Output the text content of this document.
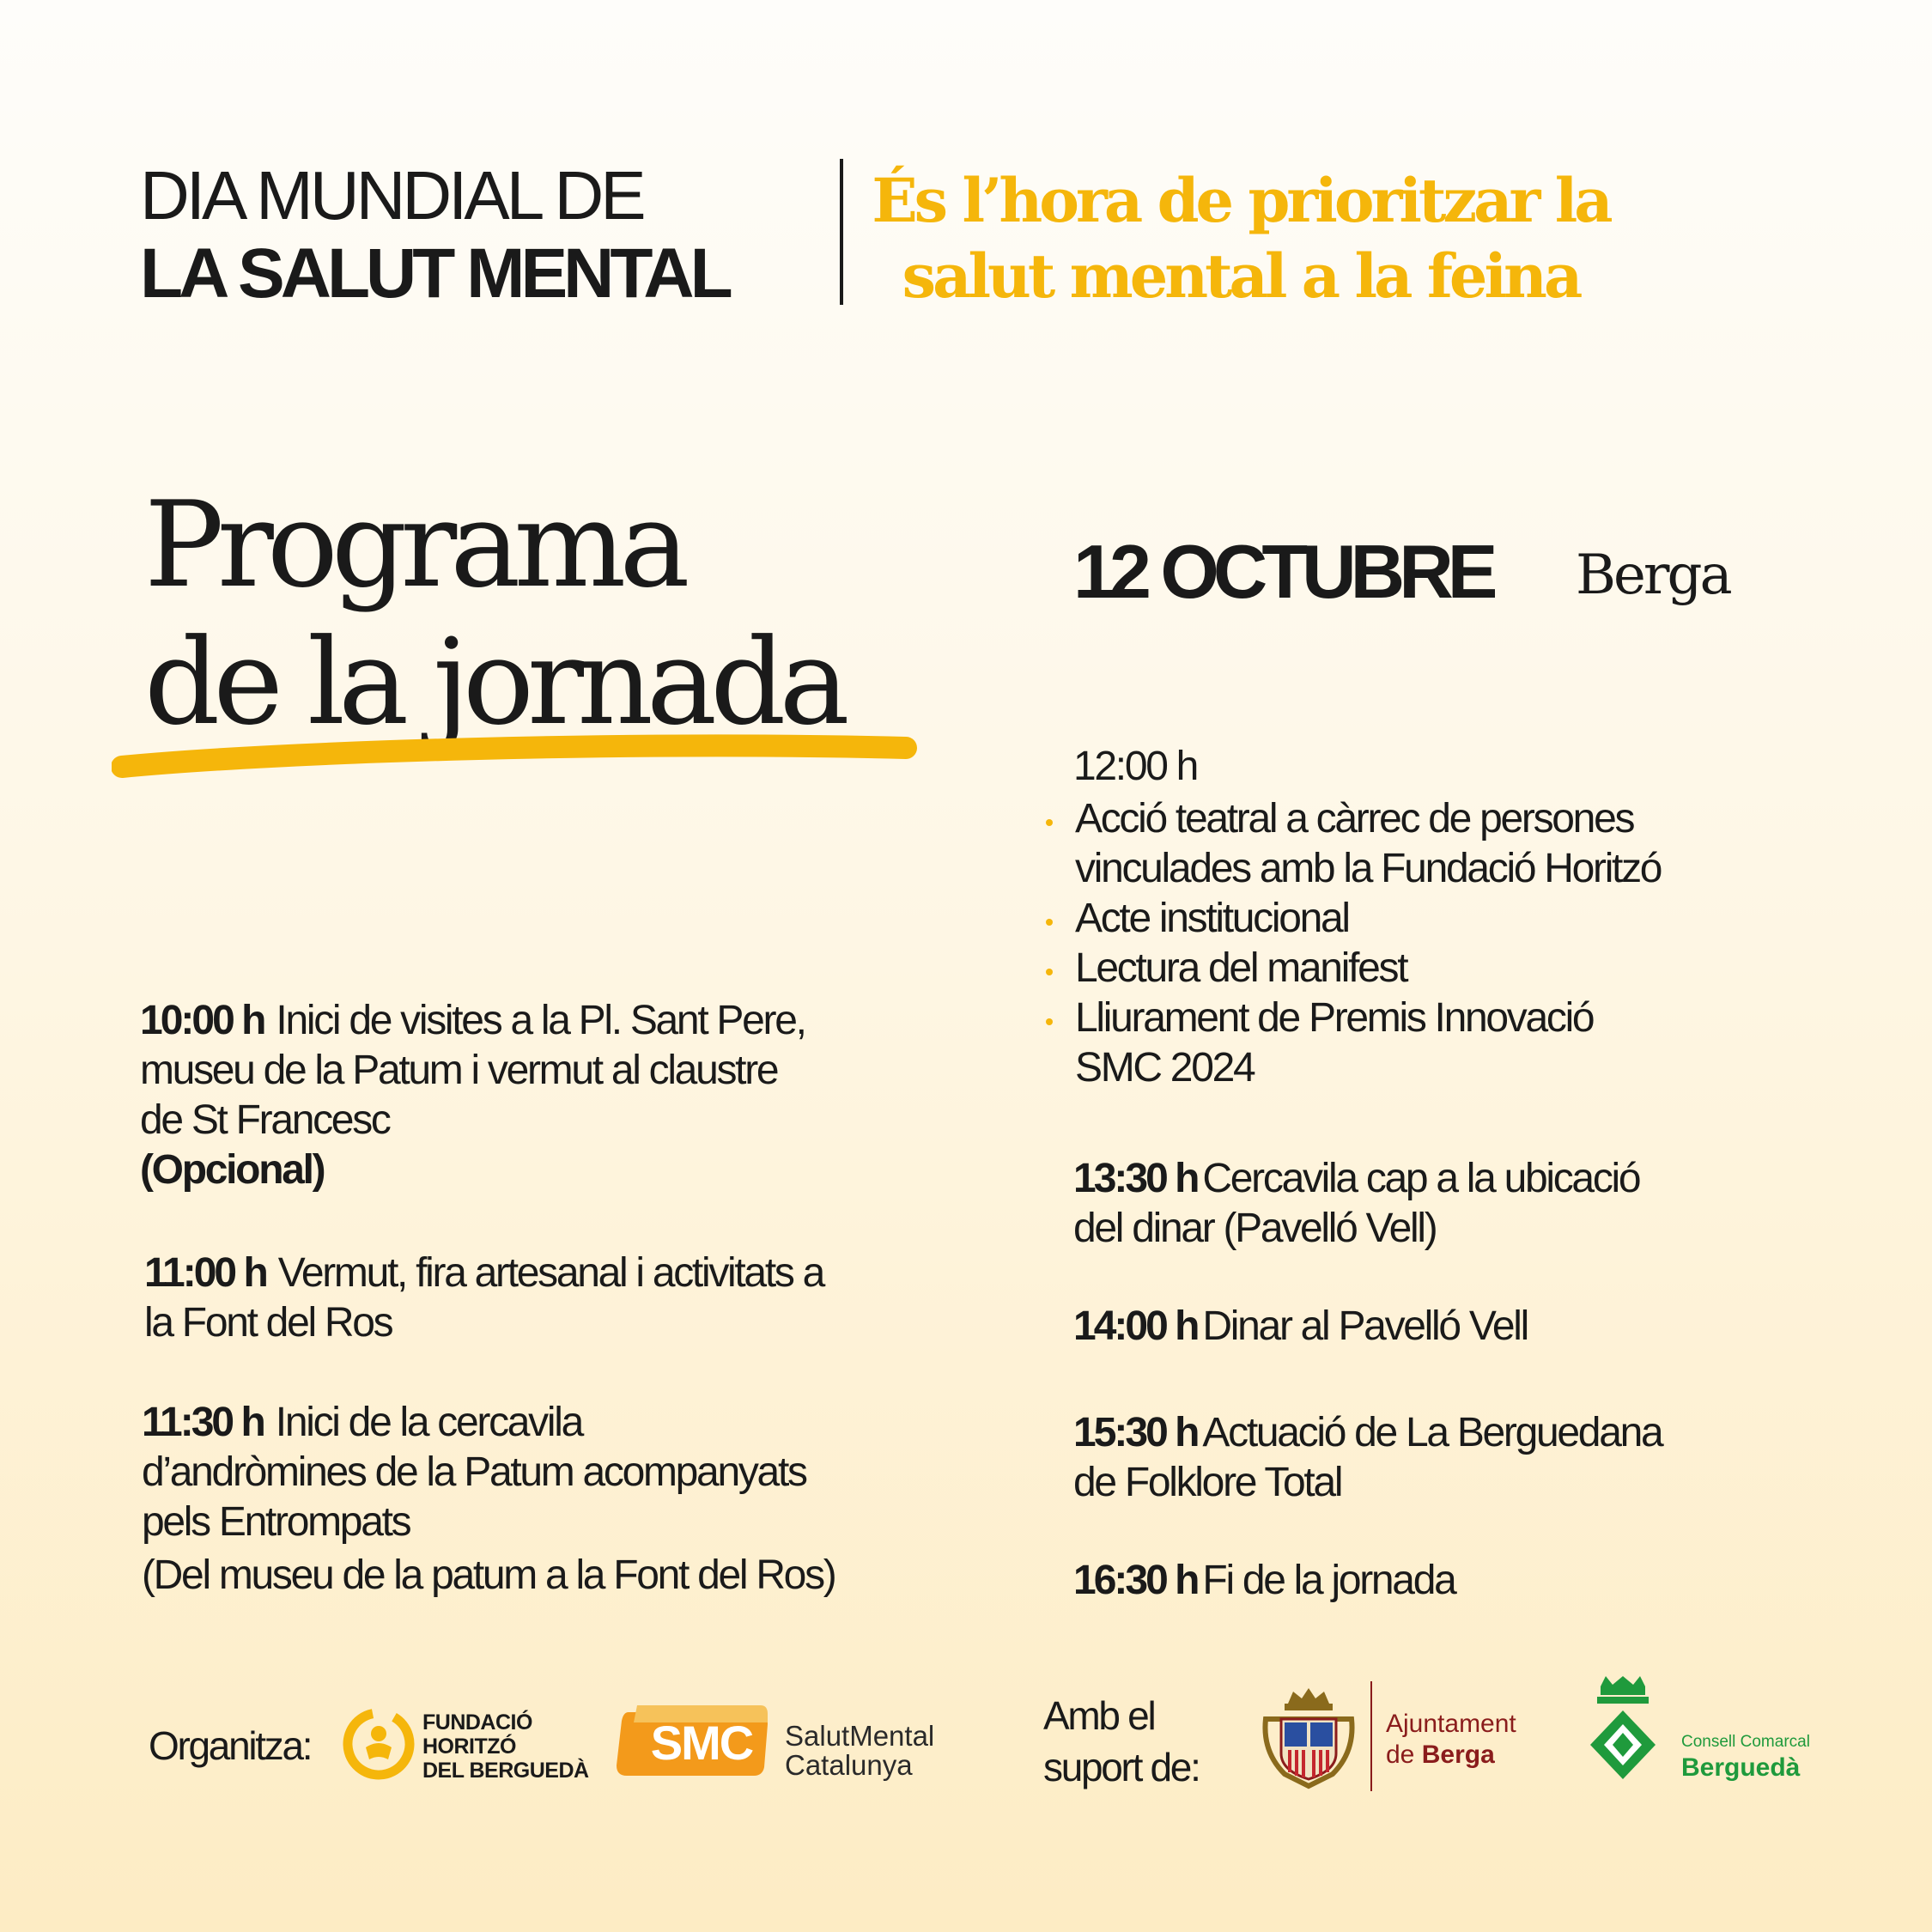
DIA MUNDIAL DE
LA SALUT MENTAL
És l’hora de prioritzar la
salut mental a la feina
Programa
de la jornada
12 OCTUBRE Berga
10:00 h Inici de visites a la Pl. Sant Pere,
museu de la Patum i vermut al claustre
de St Francesc
(Opcional)
11:00 h Vermut, fira artesanal i activitats a
la Font del Ros
11:30 h Inici de la cercavila
d’andròmines de la Patum acompanyats
pels Entrompats
(Del museu de la patum a la Font del Ros)
12:00 h
Acció teatral a càrrec de persones
vinculades amb la Fundació Horitzó
Acte institucional
Lectura del manifest
Lliurament de Premis Innovació
SMC 2024
13:30 h Cercavila cap a la ubicació
del dinar (Pavelló Vell)
14:00 h Dinar al Pavelló Vell
15:30 h Actuació de La Berguedana
de Folklore Total
16:30 h Fi de la jornada
Organitza:
FUNDACIÓ
HORITZÓ
DEL BERGUEDÀ
SMC	SalutMental
Catalunya
Amb el
suport de:
Ajuntament
de Berga	Consell Comarcal
Berguedà
